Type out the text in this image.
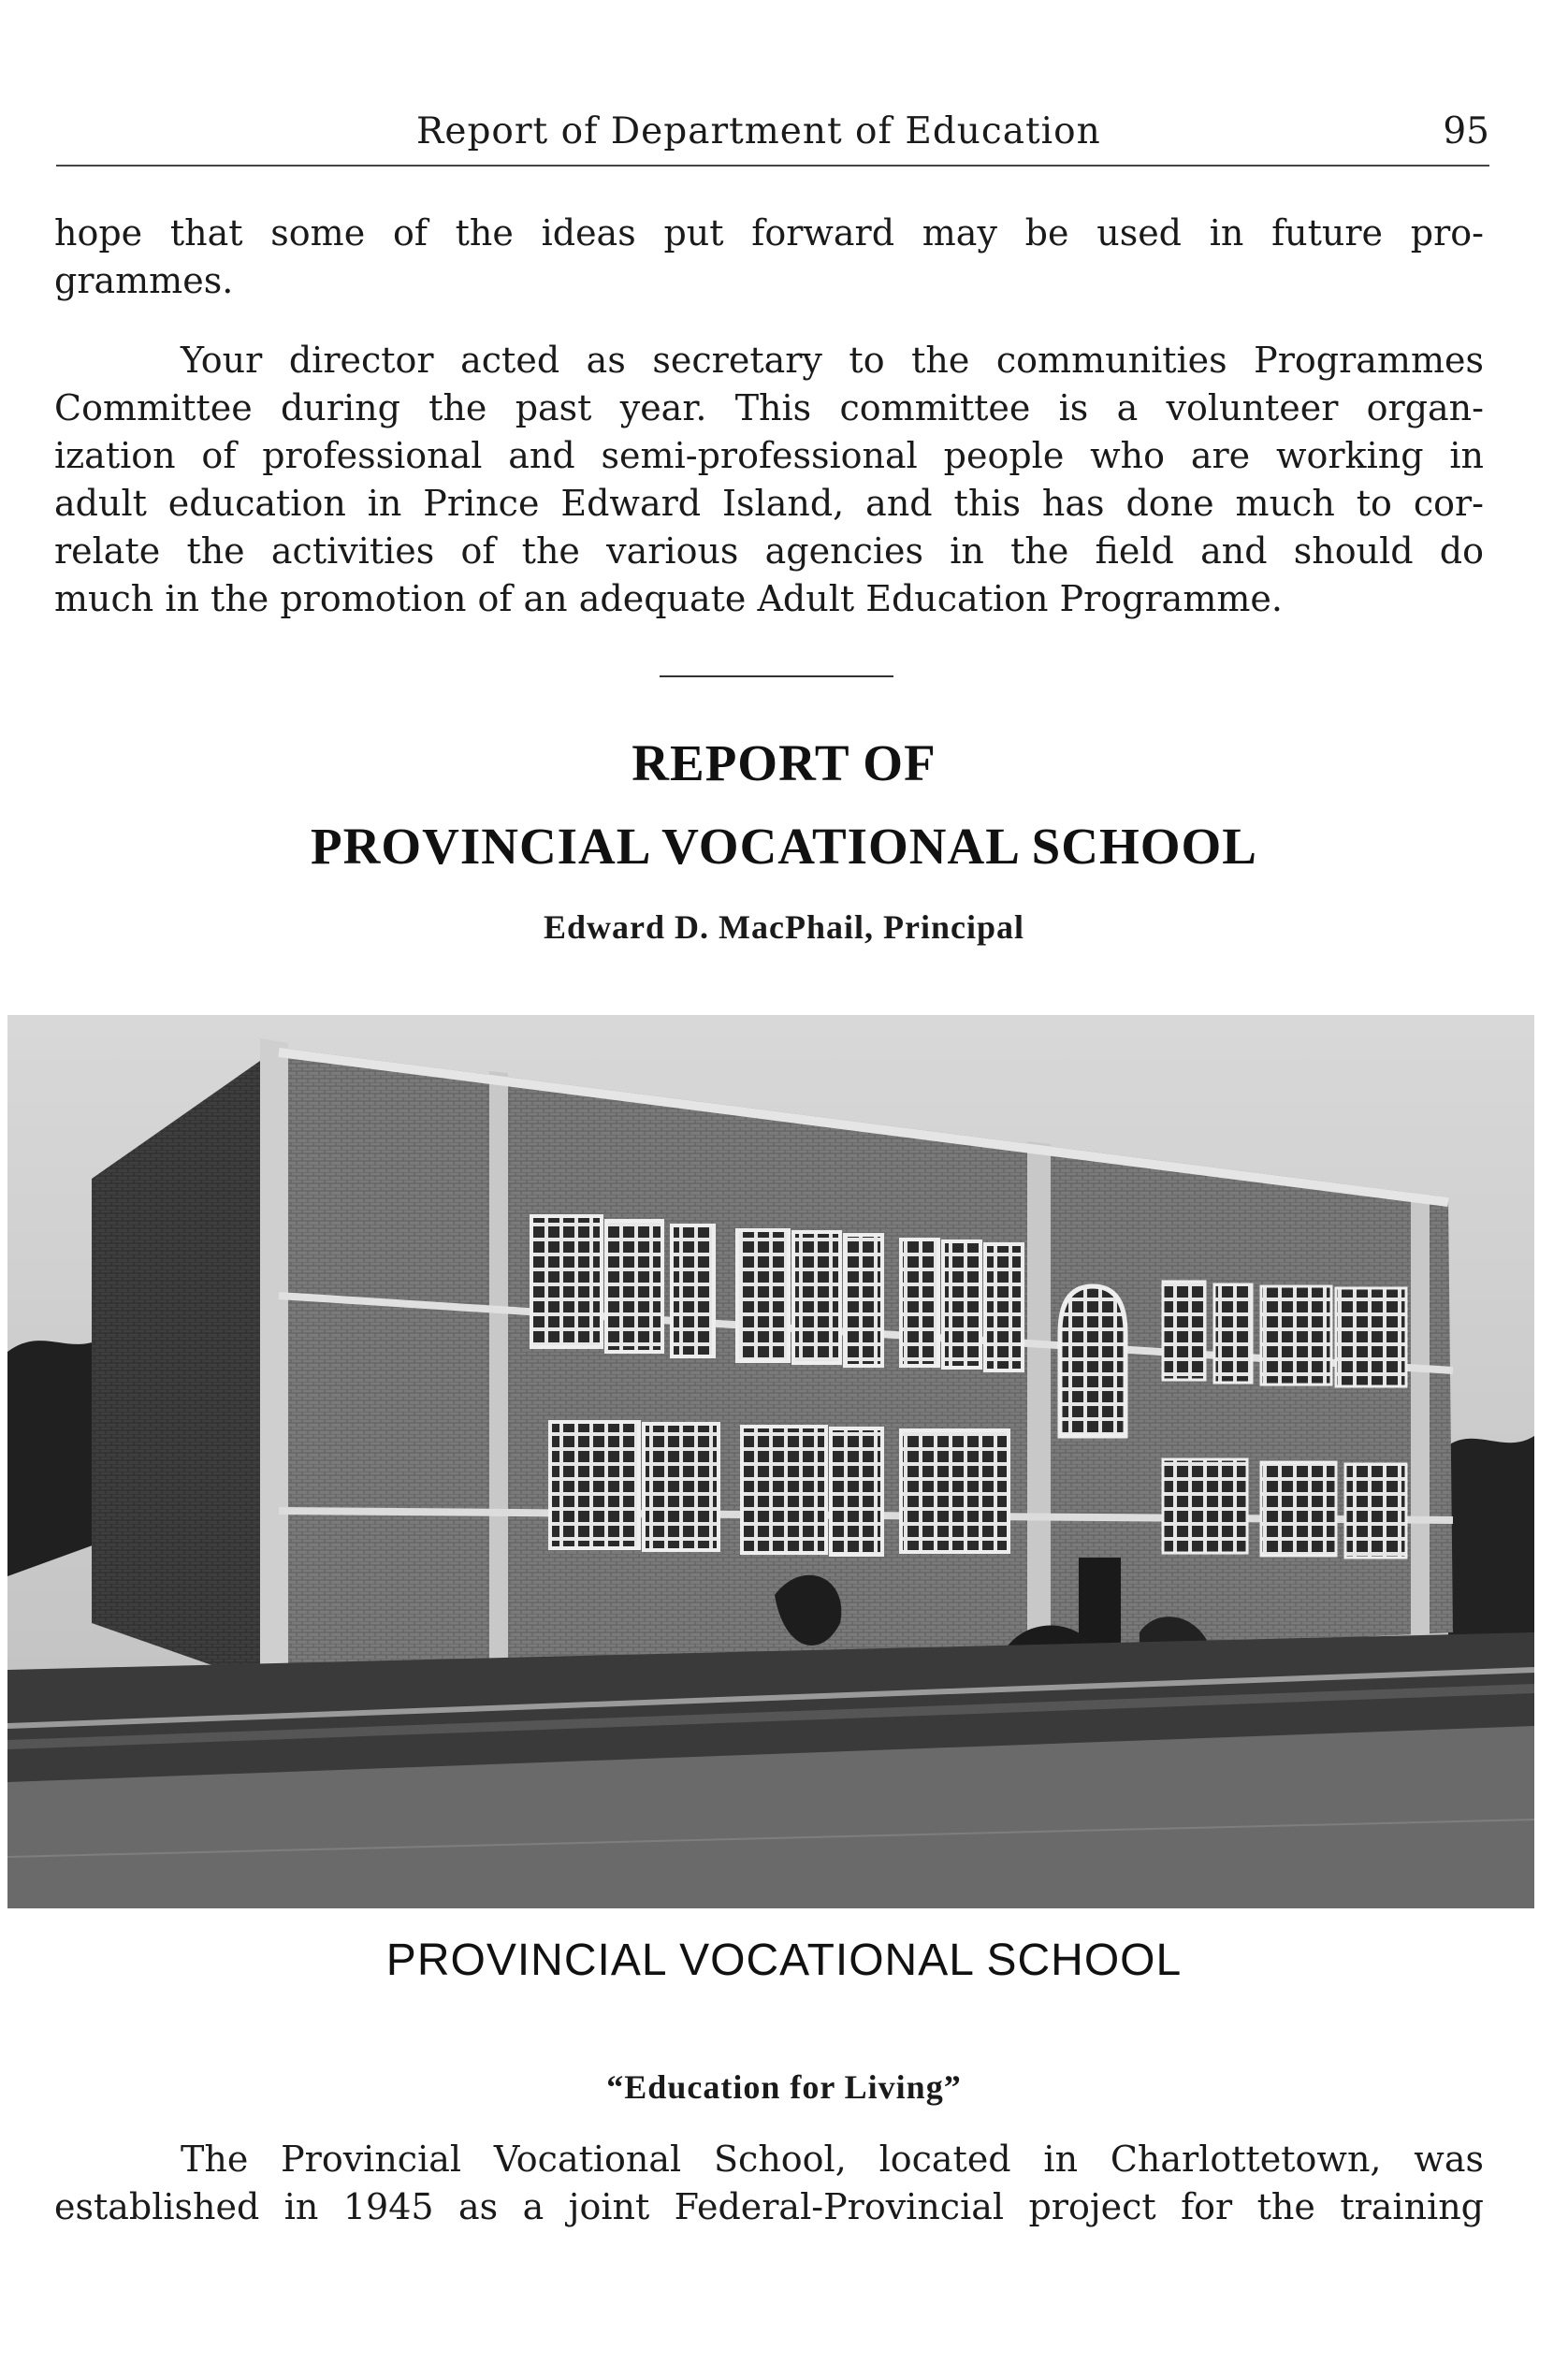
Report of Department of Education	95
hope that some of the ideas put forward may be used in future pro-
grammes.
Your director acted as secretary to the communities Programmes
Committee during the past year. This committee is a volunteer organ-
ization of professional and semi-professional people who are working in
adult education in Prince Edward Island, and this has done much to cor-
relate the activities of the various agencies in the field and should do
much in the promotion of an adequate Adult Education Programme.
REPORT OF
PROVINCIAL VOCATIONAL SCHOOL
Edward D. MacPhail, Principal
PROVINCIAL VOCATIONAL SCHOOL
“Education for Living”
The Provincial Vocational School, located in Charlottetown, was
established in 1945 as a joint Federal-Provincial project for the training
